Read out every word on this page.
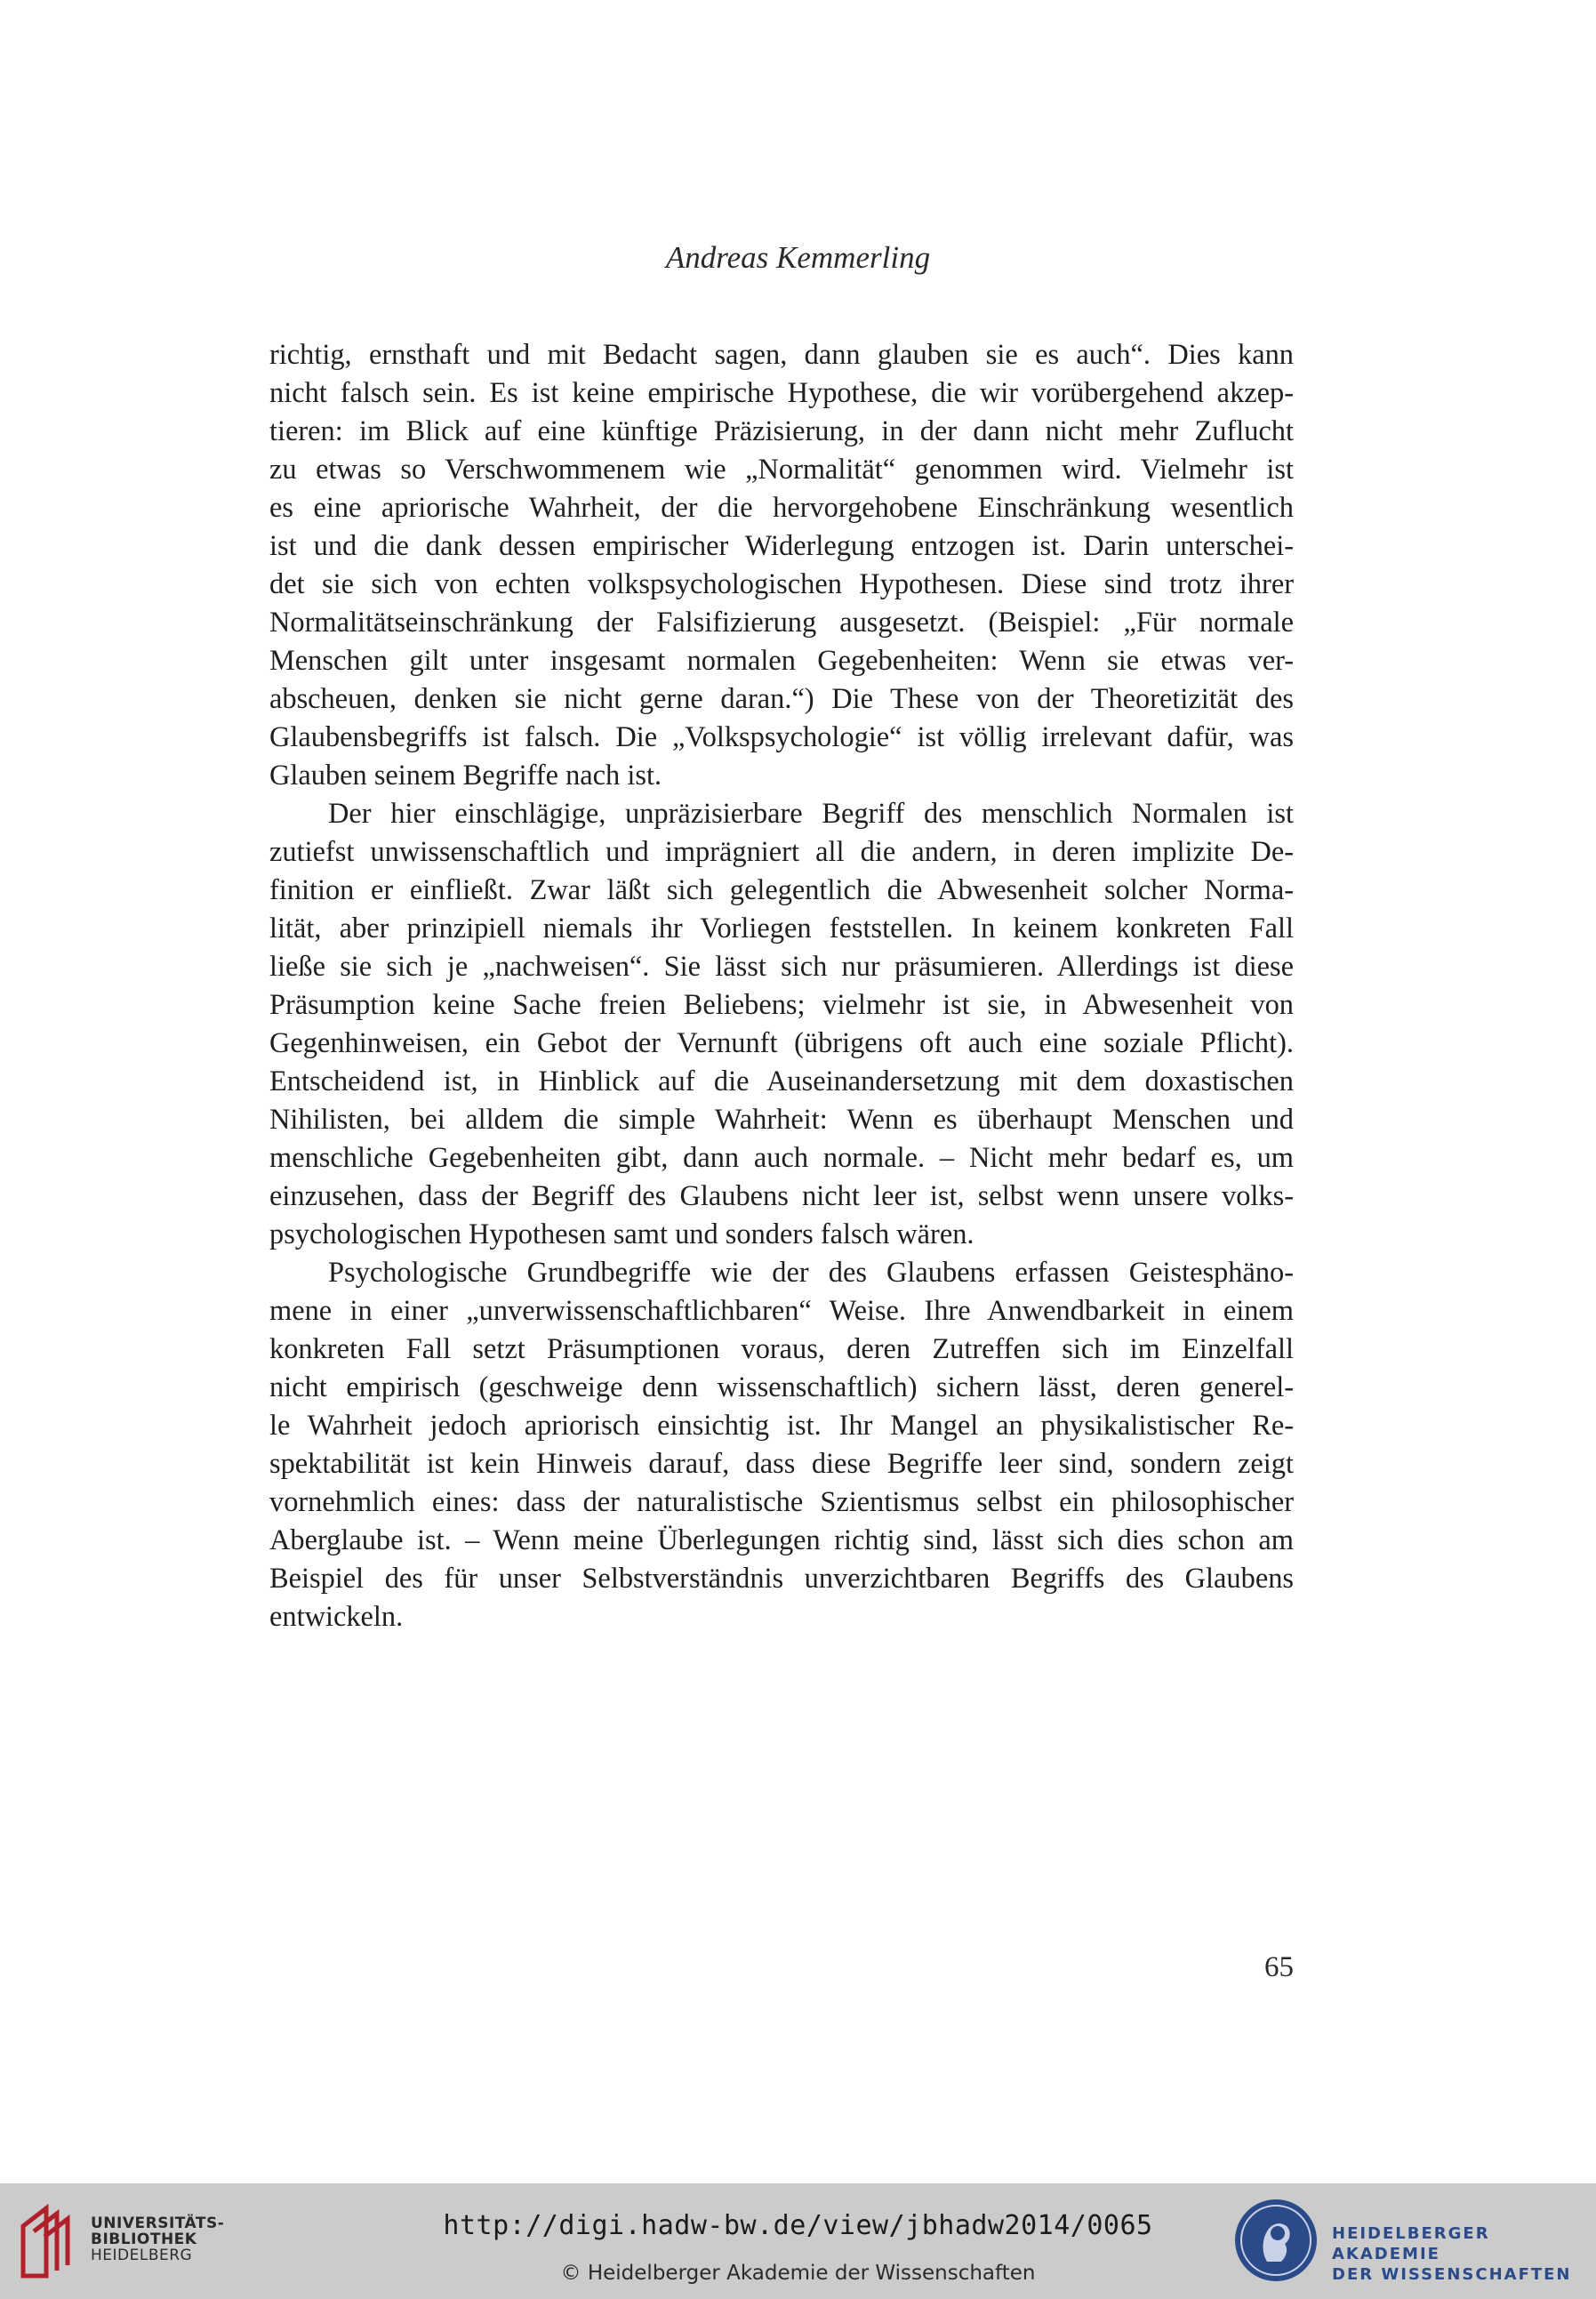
Andreas Kemmerling
richtig, ernsthaft und mit Bedacht sagen, dann glauben sie es auch“. Dies kann
nicht falsch sein. Es ist keine empirische Hypothese, die wir vorübergehend akzep-
tieren: im Blick auf eine künftige Präzisierung, in der dann nicht mehr Zuflucht
zu etwas so Verschwommenem wie „Normalität“ genommen wird. Vielmehr ist
es eine apriorische Wahrheit, der die hervorgehobene Einschränkung wesentlich
ist und die dank dessen empirischer Widerlegung entzogen ist. Darin unterschei-
det sie sich von echten volkspsychologischen Hypothesen. Diese sind trotz ihrer
Normalitätseinschränkung der Falsifizierung ausgesetzt. (Beispiel: „Für normale
Menschen gilt unter insgesamt normalen Gegebenheiten: Wenn sie etwas ver-
abscheuen, denken sie nicht gerne daran.“) Die These von der Theoretizität des
Glaubensbegriffs ist falsch. Die „Volkspsychologie“ ist völlig irrelevant dafür, was
Glauben seinem Begriffe nach ist.
Der hier einschlägige, unpräzisierbare Begriff des menschlich Normalen ist
zutiefst unwissenschaftlich und imprägniert all die andern, in deren implizite De-
finition er einfließt. Zwar läßt sich gelegentlich die Abwesenheit solcher Norma-
lität, aber prinzipiell niemals ihr Vorliegen feststellen. In keinem konkreten Fall
ließe sie sich je „nachweisen“. Sie lässt sich nur präsumieren. Allerdings ist diese
Präsumption keine Sache freien Beliebens; vielmehr ist sie, in Abwesenheit von
Gegenhinweisen, ein Gebot der Vernunft (übrigens oft auch eine soziale Pflicht).
Entscheidend ist, in Hinblick auf die Auseinandersetzung mit dem doxastischen
Nihilisten, bei alldem die simple Wahrheit: Wenn es überhaupt Menschen und
menschliche Gegebenheiten gibt, dann auch normale. – Nicht mehr bedarf es, um
einzusehen, dass der Begriff des Glaubens nicht leer ist, selbst wenn unsere volks-
psychologischen Hypothesen samt und sonders falsch wären.
Psychologische Grundbegriffe wie der des Glaubens erfassen Geistesphäno-
mene in einer „unverwissenschaftlichbaren“ Weise. Ihre Anwendbarkeit in einem
konkreten Fall setzt Präsumptionen voraus, deren Zutreffen sich im Einzelfall
nicht empirisch (geschweige denn wissenschaftlich) sichern lässt, deren generel-
le Wahrheit jedoch apriorisch einsichtig ist. Ihr Mangel an physikalistischer Re-
spektabilität ist kein Hinweis darauf, dass diese Begriffe leer sind, sondern zeigt
vornehmlich eines: dass der naturalistische Szientismus selbst ein philosophischer
Aberglaube ist. – Wenn meine Überlegungen richtig sind, lässt sich dies schon am
Beispiel des für unser Selbstverständnis unverzichtbaren Begriffs des Glaubens
entwickeln.
65
UNIVERSITÄTS-
BIBLIOTHEK
HEIDELBERG
http://digi.hadw-bw.de/view/jbhadw2014/0065
© Heidelberger Akademie der Wissenschaften
HEIDELBERGER AKADEMIE
DER WISSENSCHAFTEN
